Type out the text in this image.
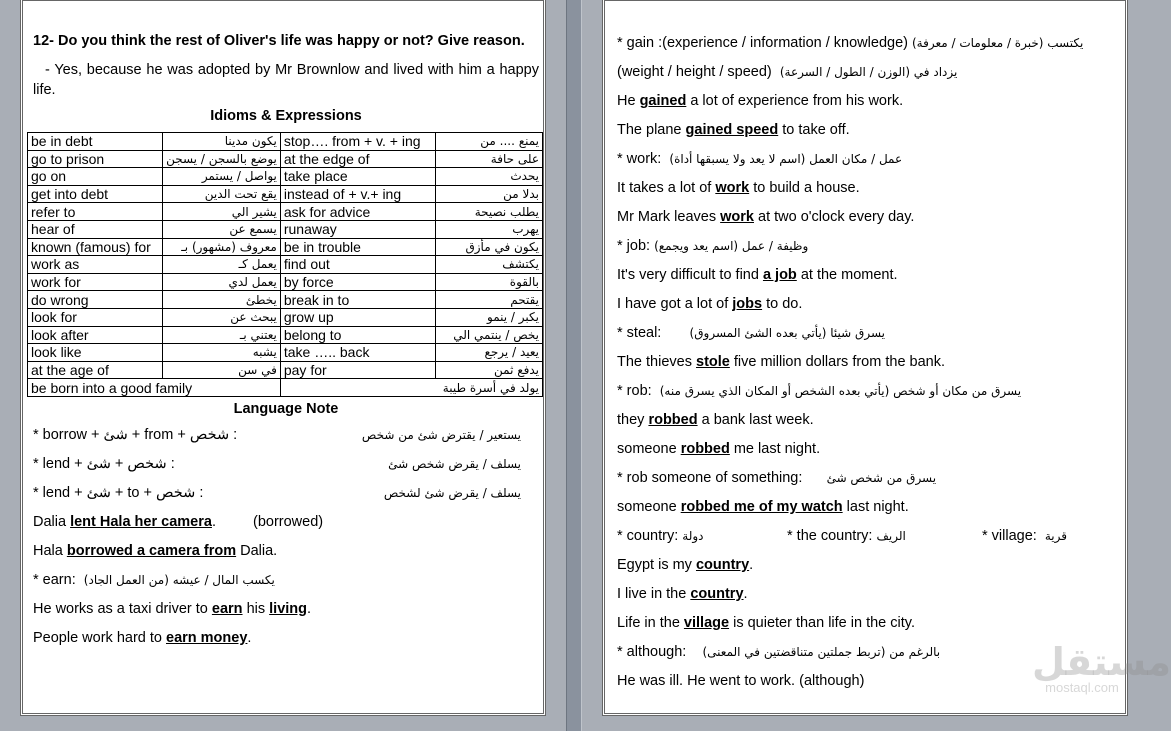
12- Do you think the rest of Oliver's life was happy or not? Give reason.

- Yes, because he was adopted by Mr Brownlow and lived with him a happy life.

Idioms & Expressions
be in debt	يكون مدينا	stop…. from + v. + ing	يمنع .... من
go to prison	يوضع بالسجن / يسجن	at the edge of	على حافة
go on	يواصل / يستمر	take place	يحدث
get into debt	يقع تحت الدين	instead of + v.+ ing	بدلا من
refer to	يشير الي	ask for advice	يطلب نصيحة
hear of	يسمع عن	runaway	يهرب
known (famous) for	معروف (مشهور) بـ	be in trouble	يكون في مأزق
work as	يعمل كـ	find out	يكتشف
work for	يعمل لدي	by force	بالقوة
do wrong	يخطئ	break in to	يقتحم
look for	يبحث عن	grow up	يكبر / ينمو
look after	يعتني بـ	belong to	يخص / ينتمي الي
look like	يشبه	take ….. back	يعيد / يرجع
at the age of	في سن	pay for	يدفع ثمن
be born into a good family		يولد في أسرة طيبة	
Language Note
* borrow + شئ + from + شخص :	يستعير / يقترض شئ من شخص
* lend + شخص + شئ :	يسلف / يقرض شخص شئ
* lend + شئ + to + شخص :	يسلف / يقرض شئ لشخص
Dalia lent Hala her camera.	(borrowed)
Hala borrowed a camera from Dalia.
* earn: يكسب المال / عيشه (من العمل الجاد)
He works as a taxi driver to earn his living.
People work hard to earn money.
* gain :(experience / information / knowledge) يكتسب (خبرة / معلومات / معرفة)
(weight / height / speed) يزداد في (الوزن / الطول / السرعة)
He gained a lot of experience from his work.
The plane gained speed to take off.
* work: عمل / مكان العمل (اسم لا يعد ولا يسبقها أداة)
It takes a lot of work to build a house.
Mr Mark leaves work at two o'clock every day.
* job: وظيفة / عمل (اسم يعد ويجمع)
It's very difficult to find a job at the moment.
I have got a lot of jobs to do.
* steal: يسرق شيئا (يأتي بعده الشئ المسروق)
The thieves stole five million dollars from the bank.
* rob: يسرق من مكان أو شخص (يأتي بعده الشخص أو المكان الذي يسرق منه)
they robbed a bank last week.
someone robbed me last night.
* rob someone of something: يسرق من شخص شئ
someone robbed me of my watch last night.
* country: دولة	* the country: الريف	* village: قرية
Egypt is my country.
I live in the country.
Life in the village is quieter than life in the city.
* although: بالرغم من (تربط جملتين متناقضتين في المعنى)
He was ill. He went to work. (although)	مستقل
mostaql.com
